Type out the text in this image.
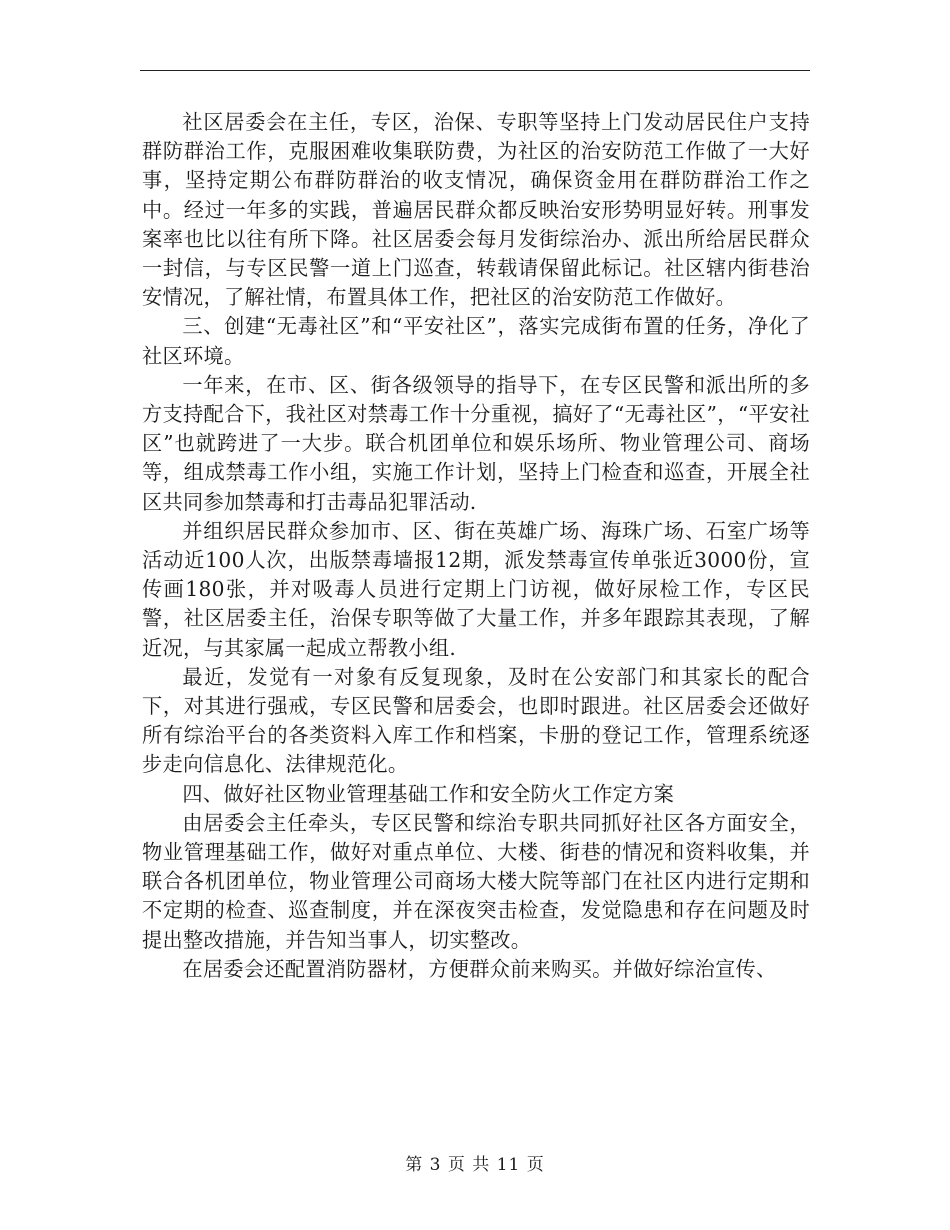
社区居委会在主任，专区，治保、专职等坚持上门发动居民住户支持群防群治工作，克服困难收集联防费，为社区的治安防范工作做了一大好事，坚持定期公布群防群治的收支情况，确保资金用在群防群治工作之中。经过一年多的实践，普遍居民群众都反映治安形势明显好转。刑事发案率也比以往有所下降。社区居委会每月发街综治办、派出所给居民群众一封信，与专区民警一道上门巡查，转载请保留此标记。社区辖内街巷治安情况，了解社情，布置具体工作，把社区的治安防范工作做好。

三、创建“无毒社区”和“平安社区”，落实完成街布置的任务，净化了社区环境。

一年来，在市、区、街各级领导的指导下，在专区民警和派出所的多方支持配合下，我社区对禁毒工作十分重视，搞好了“无毒社区”，“平安社区”也就跨进了一大步。联合机团单位和娱乐场所、物业管理公司、商场等，组成禁毒工作小组，实施工作计划，坚持上门检查和巡查，开展全社区共同参加禁毒和打击毒品犯罪活动.

并组织居民群众参加市、区、街在英雄广场、海珠广场、石室广场等活动近100人次，出版禁毒墙报12期，派发禁毒宣传单张近3000份，宣传画180张，并对吸毒人员进行定期上门访视，做好尿检工作，专区民警，社区居委主任，治保专职等做了大量工作，并多年跟踪其表现，了解近况，与其家属一起成立帮教小组.

最近，发觉有一对象有反复现象，及时在公安部门和其家长的配合下，对其进行强戒，专区民警和居委会，也即时跟进。社区居委会还做好所有综治平台的各类资料入库工作和档案，卡册的登记工作，管理系统逐步走向信息化、法律规范化。

四、做好社区物业管理基础工作和安全防火工作定方案

由居委会主任牵头，专区民警和综治专职共同抓好社区各方面安全，物业管理基础工作，做好对重点单位、大楼、街巷的情况和资料收集，并联合各机团单位，物业管理公司商场大楼大院等部门在社区内进行定期和不定期的检查、巡查制度，并在深夜突击检查，发觉隐患和存在问题及时提出整改措施，并告知当事人，切实整改。

在居委会还配置消防器材，方便群众前来购买。并做好综治宣传、

第 3 页 共 11 页
